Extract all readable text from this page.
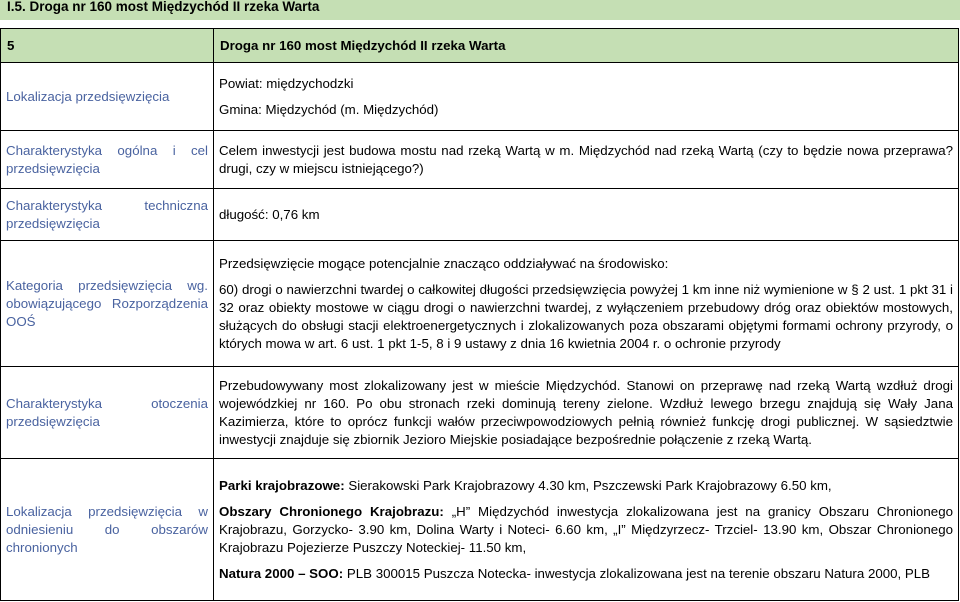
I.5. Droga nr 160 most Międzychód II rzeka Warta
5	Droga nr 160 most Międzychód II rzeka Warta
Lokalizacja przedsięwzięcia	Powiat: międzychodzki

Gmina: Międzychód (m. Międzychód)

Charakterystyka ogólna i cel przedsięwzięcia	Celem inwestycji jest budowa mostu nad rzeką Wartą w m. Międzychód nad rzeką Wartą (czy to będzie nowa przeprawa? drugi, czy w miejscu istniejącego?)
Charakterystyka techniczna przedsięwzięcia	długość: 0,76 km
Kategoria przedsięwzięcia wg. obowiązującego Rozporządzenia OOŚ	Przedsięwzięcie mogące potencjalnie znacząco oddziaływać na środowisko:

60) drogi o nawierzchni twardej o całkowitej długości przedsięwzięcia powyżej 1 km inne niż wymienione w § 2 ust. 1 pkt 31 i 32 oraz obiekty mostowe w ciągu drogi o nawierzchni twardej, z wyłączeniem przebudowy dróg oraz obiektów mostowych, służących do obsługi stacji elektroenergetycznych i zlokalizowanych poza obszarami objętymi formami ochrony przyrody, o których mowa w art. 6 ust. 1 pkt 1-5, 8 i 9 ustawy z dnia 16 kwietnia 2004 r. o ochronie przyrody

Charakterystyka otoczenia przedsięwzięcia	Przebudowywany most zlokalizowany jest w mieście Międzychód. Stanowi on przeprawę nad rzeką Wartą wzdłuż drogi wojewódzkiej nr 160. Po obu stronach rzeki dominują tereny zielone. Wzdłuż lewego brzegu znajdują się Wały Jana Kazimierza, które to oprócz funkcji wałów przeciwpowodziowych pełnią również funkcję drogi publicznej. W sąsiedztwie inwestycji znajduje się zbiornik Jezioro Miejskie posiadające bezpośrednie połączenie z rzeką Wartą.
Lokalizacja przedsięwzięcia w odniesieniu do obszarów chronionych	Parki krajobrazowe: Sierakowski Park Krajobrazowy 4.30 km, Pszczewski Park Krajobrazowy 6.50 km,

Obszary Chronionego Krajobrazu: „H” Międzychód inwestycja zlokalizowana jest na granicy Obszaru Chronionego Krajobrazu, Gorzycko- 3.90 km, Dolina Warty i Noteci- 6.60 km, „I” Międzyrzecz- Trzciel- 13.90 km, Obszar Chronionego Krajobrazu Pojezierze Puszczy Noteckiej- 11.50 km,

Natura 2000 – SOO: PLB 300015 Puszcza Notecka- inwestycja zlokalizowana jest na terenie obszaru Natura 2000, PLB
